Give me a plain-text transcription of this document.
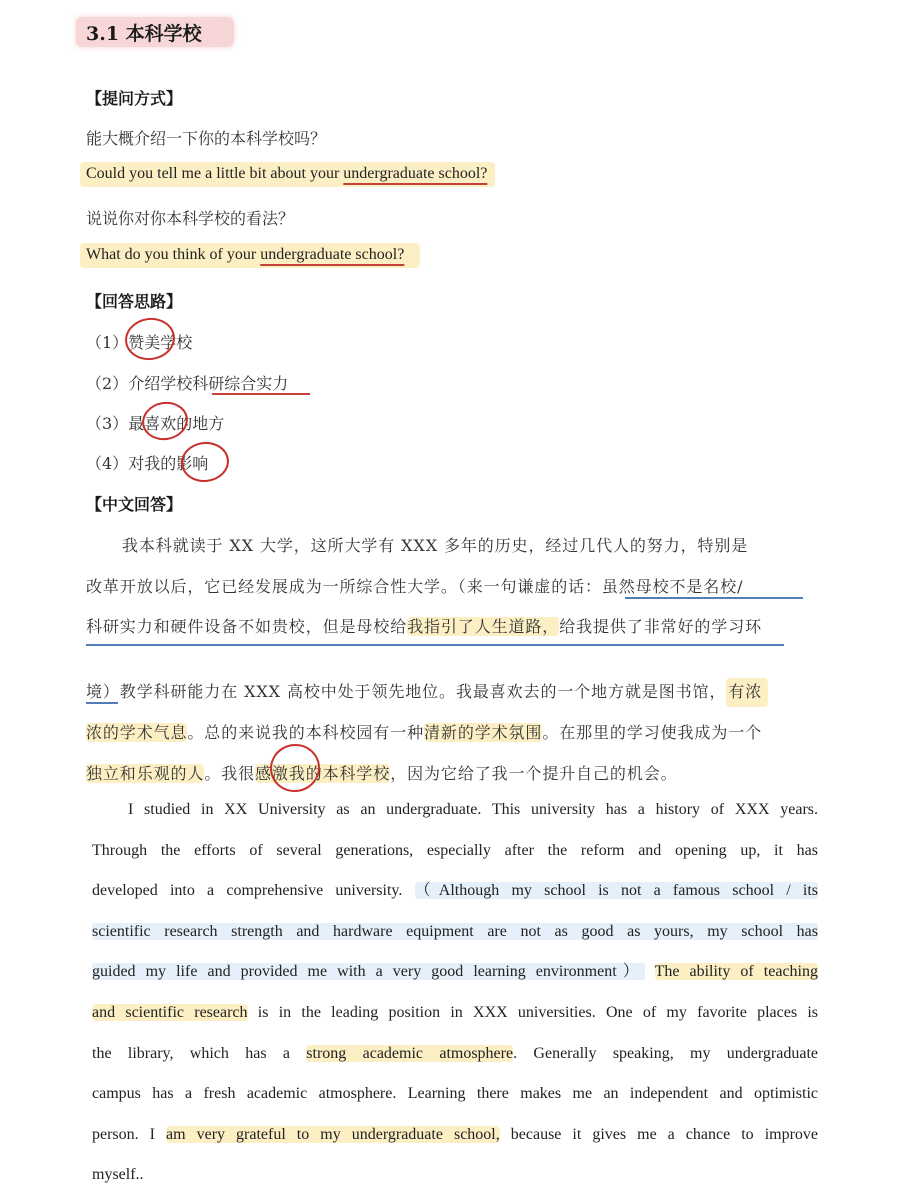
3.1 本科学校
【提问方式】
能大概介绍一下你的本科学校吗？
Could you tell me a little bit about your undergraduate school?
说说你对你本科学校的看法？
What do you think of your undergraduate school?
【回答思路】
（1）赞美学校
（2）介绍学校科研综合实力
（3）最喜欢的地方
（4）对我的影响
【中文回答】
我本科就读于 XX 大学，这所大学有 XXX 多年的历史，经过几代人的努力，特别是
改革开放以后，它已经发展成为一所综合性大学。（来一句谦虚的话：虽然母校不是名校/
科研实力和硬件设备不如贵校，但是母校给我指引了人生道路，给我提供了非常好的学习环
境）教学科研能力在 XXX 高校中处于领先地位。我最喜欢去的一个地方就是图书馆， 有浓
浓的学术气息。总的来说我的本科校园有一种清新的学术氛围。在那里的学习使我成为一个
独立和乐观的人。我很感激我的本科学校，因为它给了我一个提升自己的机会。
I studied in XX University as an undergraduate. This university has a history of XXX years.
Through the efforts of several generations, especially after the reform and opening up, it has
developed into a comprehensive university. （Although my school is not a famous school / its
scientific research strength and hardware equipment are not as good as yours, my school has
guided my life and provided me with a very good learning environment） The ability of teaching
and scientific research is in the leading position in XXX universities. One of my favorite places is
the library, which has a strong academic atmosphere. Generally speaking, my undergraduate
campus has a fresh academic atmosphere. Learning there makes me an independent and optimistic
person. I am very grateful to my undergraduate school, because it gives me a chance to improve
myself..
